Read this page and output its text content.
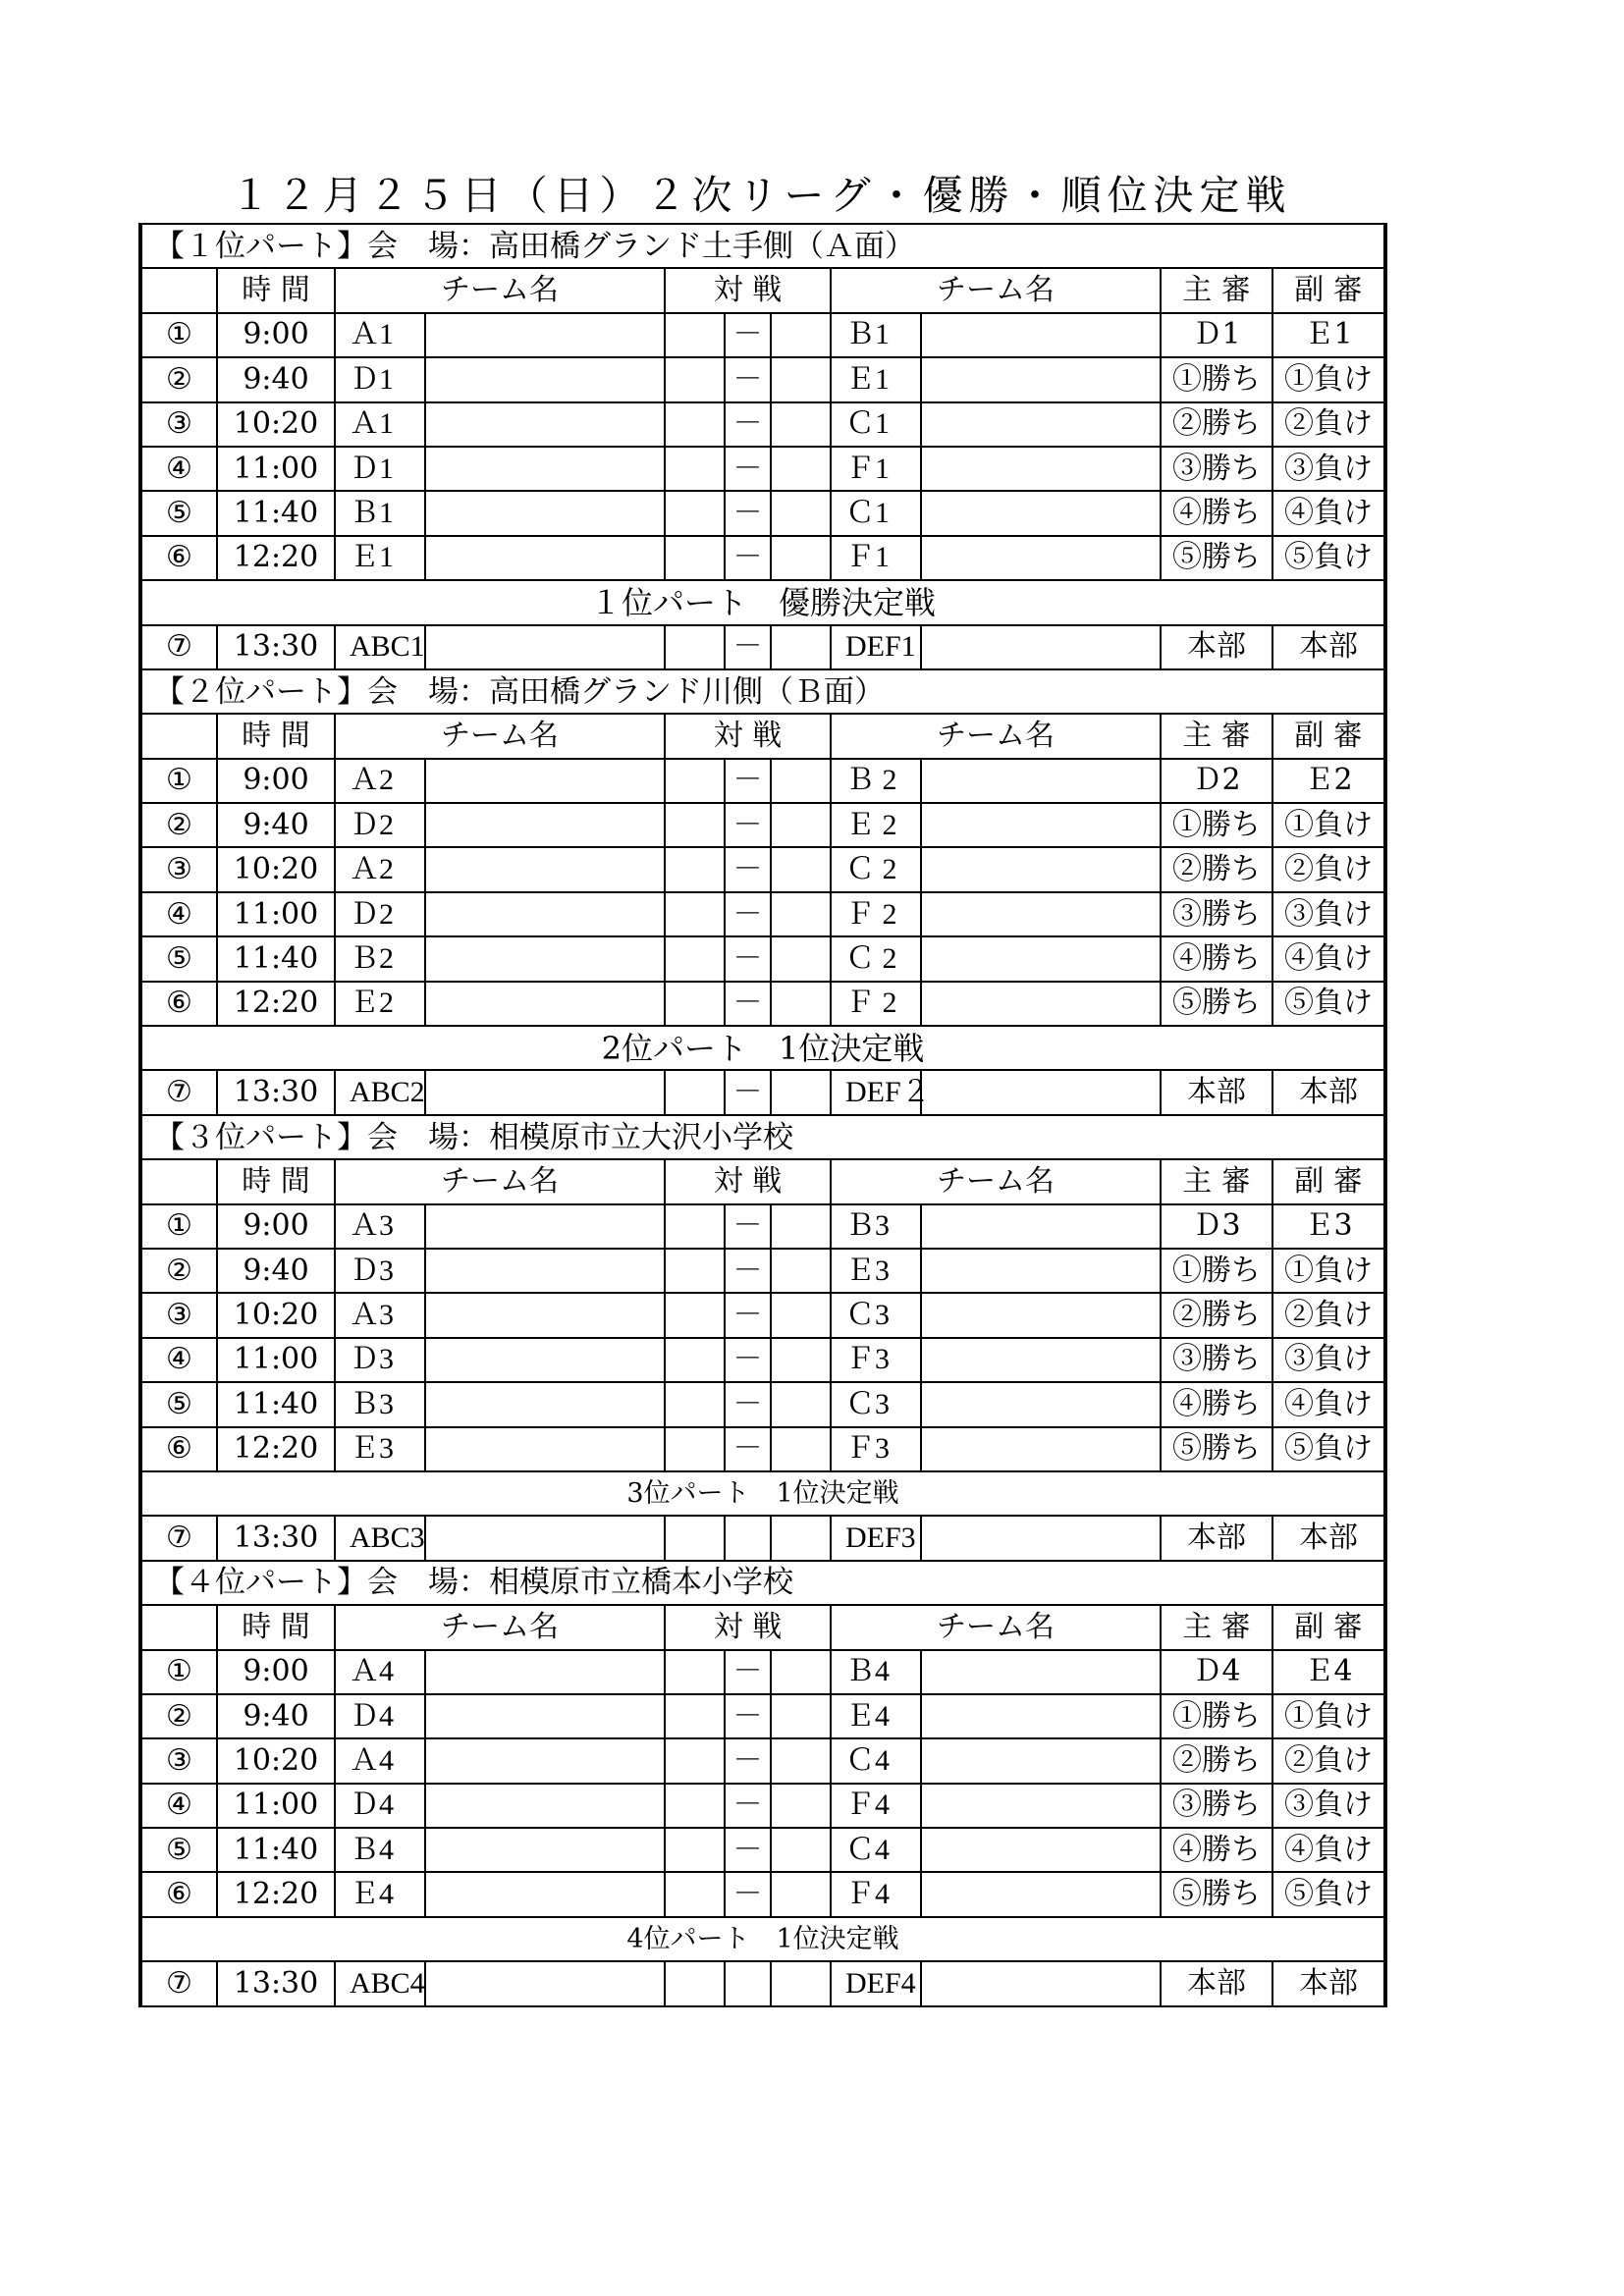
１２月２５日（日）２次リーグ・優勝・順位決定戦
【１位パート】会　場：高田橋グランド土手側（Ａ面）										
	時 間	チーム名		対 戦			チーム名		主 審	副 審
①	9:00	Ａ1			－		Ｂ1		Ｄ1	Ｅ1
②	9:40	Ｄ1			－		Ｅ1		①勝ち	①負け
③	10:20	Ａ1			－		Ｃ1		②勝ち	②負け
④	11:00	Ｄ1			－		Ｆ1		③勝ち	③負け
⑤	11:40	Ｂ1			－		Ｃ1		④勝ち	④負け
⑥	12:20	Ｅ1			－		Ｆ1		⑤勝ち	⑤負け
１位パート　優勝決定戦										
⑦	13:30	ABC1			－		DEF1		本部	本部
【２位パート】会　場：高田橋グランド川側（Ｂ面）										
	時 間	チーム名		対 戦			チーム名		主 審	副 審
①	9:00	Ａ2			－		Ｂ 2		Ｄ2	Ｅ2
②	9:40	Ｄ2			－		Ｅ 2		①勝ち	①負け
③	10:20	Ａ2			－		Ｃ 2		②勝ち	②負け
④	11:00	Ｄ2			－		Ｆ 2		③勝ち	③負け
⑤	11:40	Ｂ2			－		Ｃ 2		④勝ち	④負け
⑥	12:20	Ｅ2			－		Ｆ 2		⑤勝ち	⑤負け
2位パート　1位決定戦										
⑦	13:30	ABC2			－		DEF２		本部	本部
【３位パート】会　場：相模原市立大沢小学校										
	時 間	チーム名		対 戦			チーム名		主 審	副 審
①	9:00	Ａ3			－		Ｂ3		Ｄ3	Ｅ3
②	9:40	Ｄ3			－		Ｅ3		①勝ち	①負け
③	10:20	Ａ3			－		Ｃ3		②勝ち	②負け
④	11:00	Ｄ3			－		Ｆ3		③勝ち	③負け
⑤	11:40	Ｂ3			－		Ｃ3		④勝ち	④負け
⑥	12:20	Ｅ3			－		Ｆ3		⑤勝ち	⑤負け
3位パート　1位決定戦										
⑦	13:30	ABC3					DEF3		本部	本部
【４位パート】会　場：相模原市立橋本小学校										
	時 間	チーム名		対 戦			チーム名		主 審	副 審
①	9:00	Ａ4			－		Ｂ4		Ｄ4	Ｅ4
②	9:40	Ｄ4			－		Ｅ4		①勝ち	①負け
③	10:20	Ａ4			－		Ｃ4		②勝ち	②負け
④	11:00	Ｄ4			－		Ｆ4		③勝ち	③負け
⑤	11:40	Ｂ4			－		Ｃ4		④勝ち	④負け
⑥	12:20	Ｅ4			－		Ｆ4		⑤勝ち	⑤負け
4位パート　1位決定戦										
⑦	13:30	ABC4					DEF4		本部	本部
